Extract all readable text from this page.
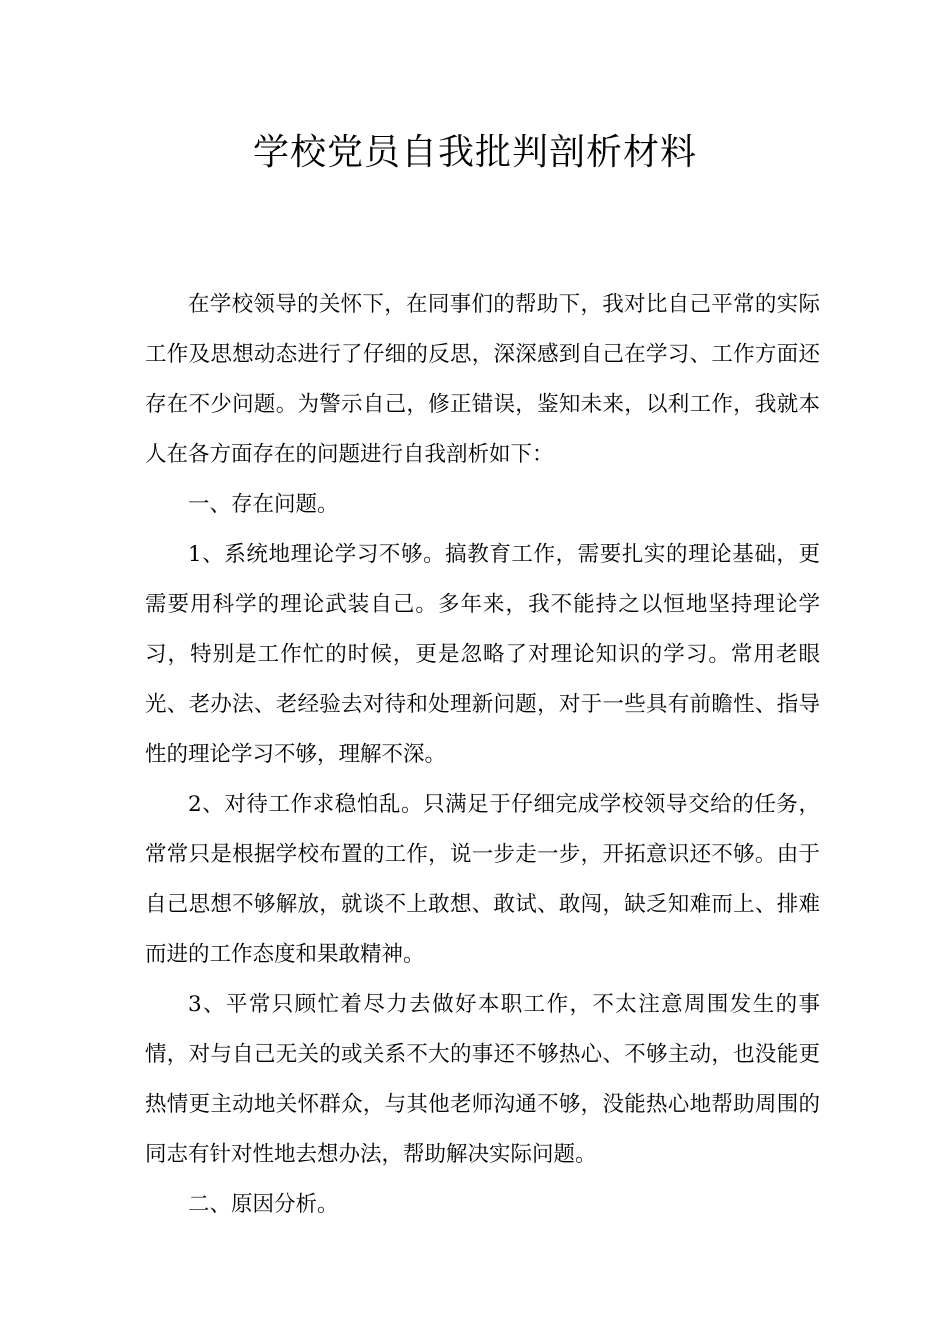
学校党员自我批判剖析材料

在学校领导的关怀下，在同事们的帮助下，我对比自己平常的实际工作及思想动态进行了仔细的反思，深深感到自己在学习、工作方面还存在不少问题。为警示自己，修正错误，鉴知未来，以利工作，我就本人在各方面存在的问题进行自我剖析如下：

一、存在问题。

1、系统地理论学习不够。搞教育工作，需要扎实的理论基础，更需要用科学的理论武装自己。多年来，我不能持之以恒地坚持理论学习，特别是工作忙的时候，更是忽略了对理论知识的学习。常用老眼光、老办法、老经验去对待和处理新问题，对于一些具有前瞻性、指导性的理论学习不够，理解不深。

2、对待工作求稳怕乱。只满足于仔细完成学校领导交给的任务，常常只是根据学校布置的工作，说一步走一步，开拓意识还不够。由于自己思想不够解放，就谈不上敢想、敢试、敢闯，缺乏知难而上、排难而进的工作态度和果敢精神。

3、平常只顾忙着尽力去做好本职工作，不太注意周围发生的事情，对与自己无关的或关系不大的事还不够热心、不够主动，也没能更热情更主动地关怀群众，与其他老师沟通不够，没能热心地帮助周围的同志有针对性地去想办法，帮助解决实际问题。

二、原因分析。
